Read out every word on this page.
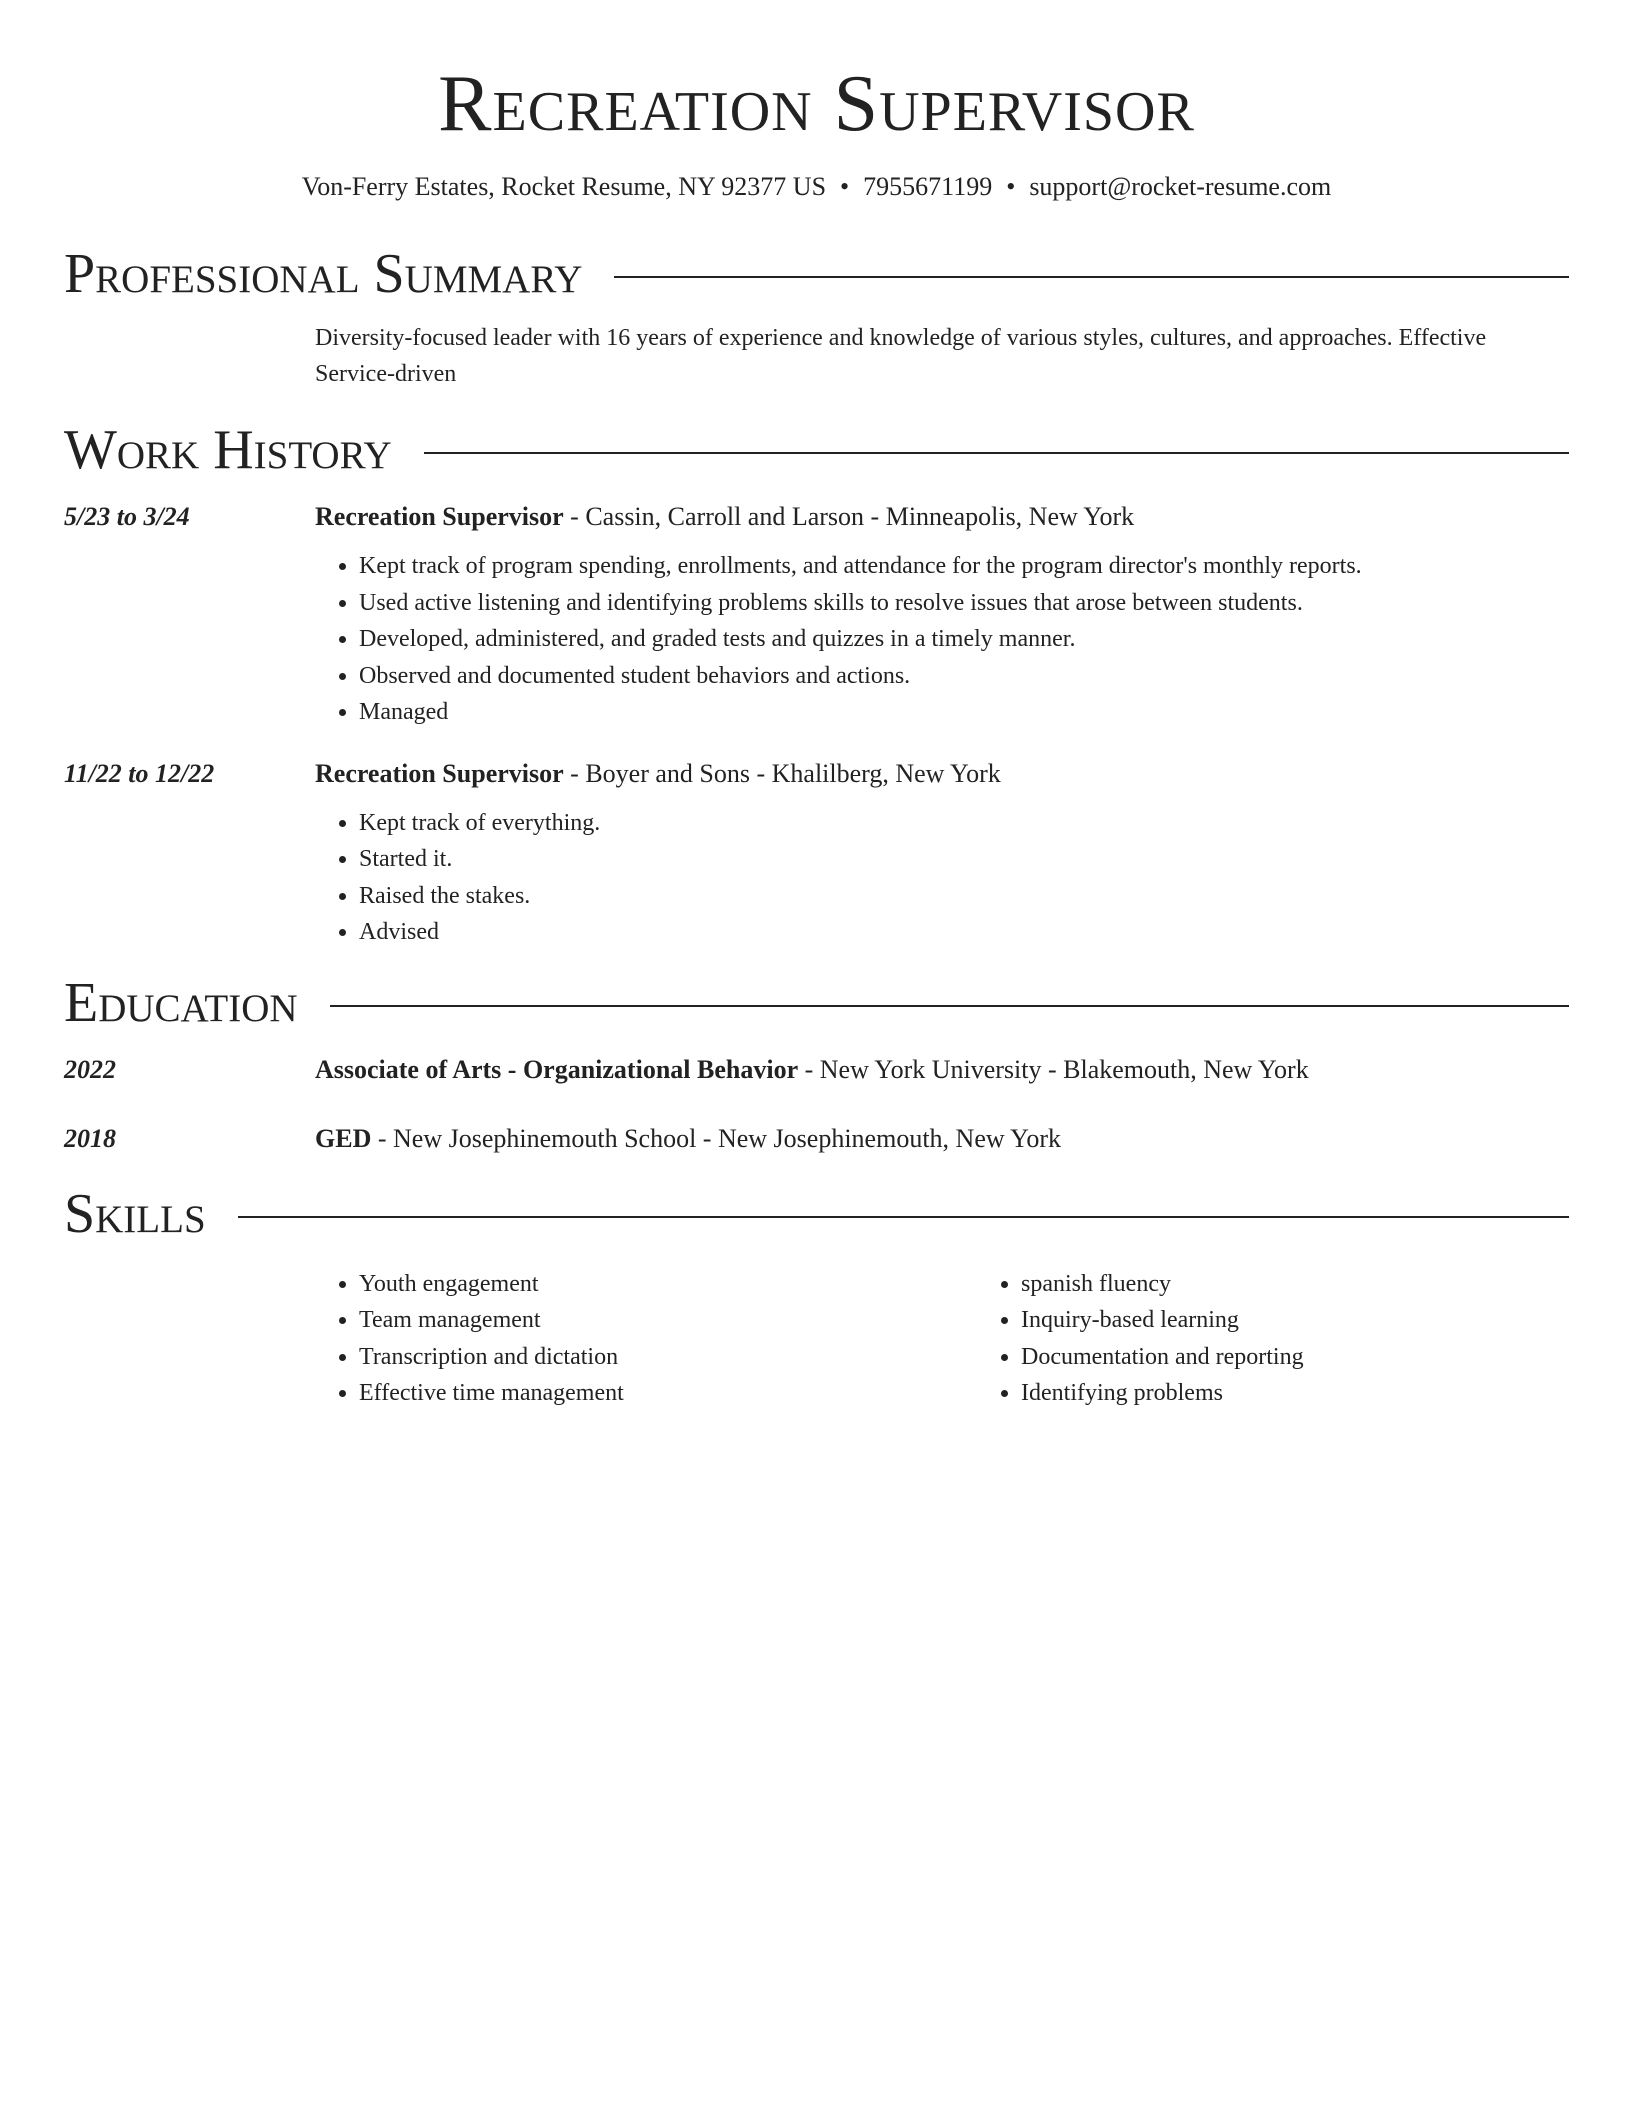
Recreation Supervisor
Von-Ferry Estates, Rocket Resume, NY 92377 US • 7955671199 • support@rocket-resume.com
Professional Summary
Diversity-focused leader with 16 years of experience and knowledge of various styles, cultures, and approaches. Effective Service-driven
Work History
5/23 to 3/24	Recreation Supervisor - Cassin, Carroll and Larson - Minneapolis, New York
• Kept track of program spending, enrollments, and attendance for the program director's monthly reports.
• Used active listening and identifying problems skills to resolve issues that arose between students.
• Developed, administered, and graded tests and quizzes in a timely manner.
• Observed and documented student behaviors and actions.
• Managed
11/22 to 12/22	Recreation Supervisor - Boyer and Sons - Khalilberg, New York
• Kept track of everything.
• Started it.
• Raised the stakes.
• Advised
Education
2022	Associate of Arts - Organizational Behavior - New York University - Blakemouth, New York
2018	GED - New Josephinemouth School - New Josephinemouth, New York
Skills
• Youth engagement
• Team management
• Transcription and dictation
• Effective time management
• spanish fluency
• Inquiry-based learning
• Documentation and reporting
• Identifying problems
